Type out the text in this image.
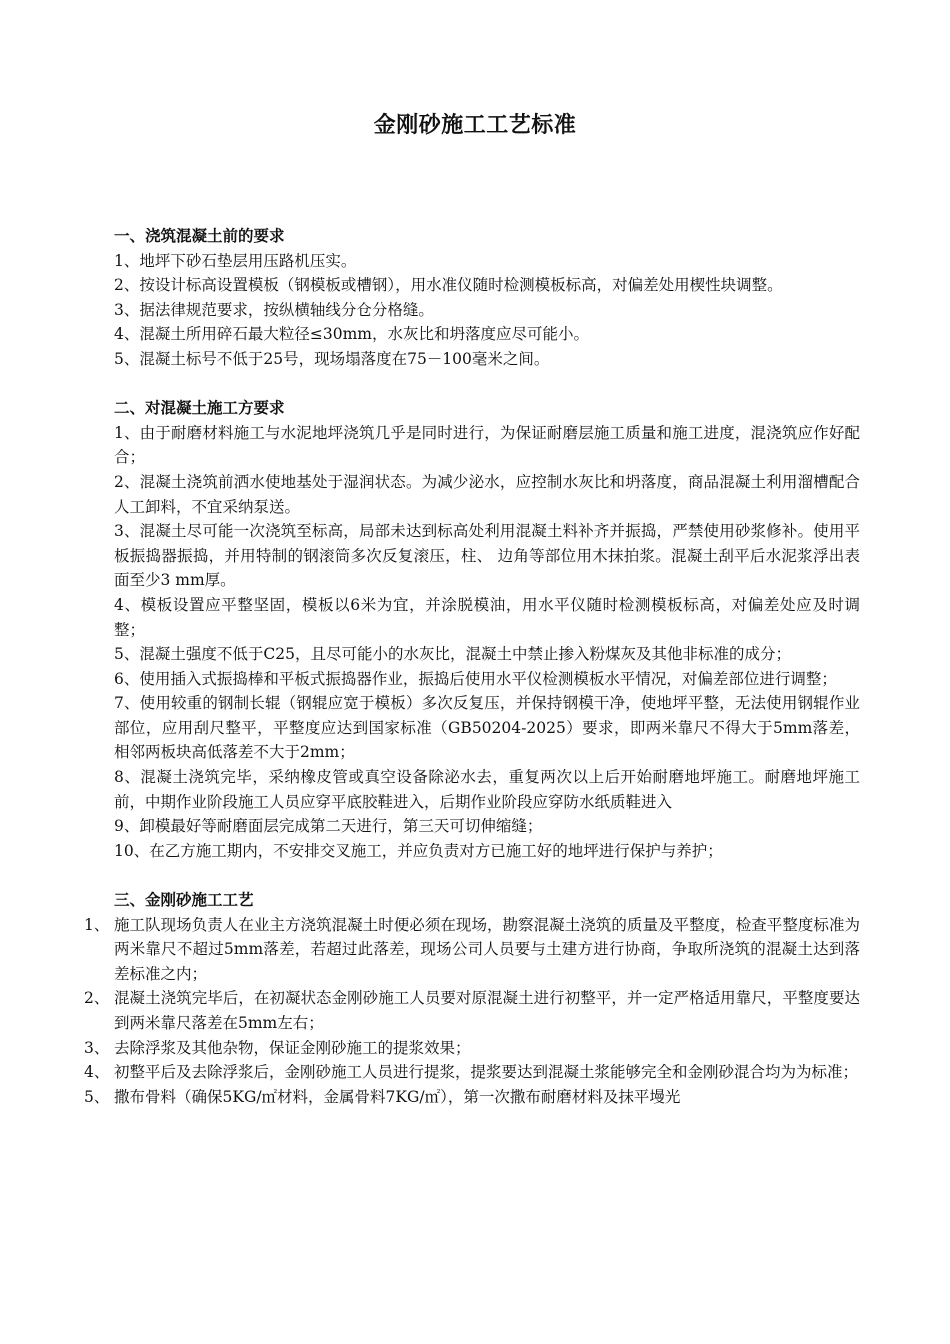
金刚砂施工工艺标准
一、浇筑混凝土前的要求
1、地坪下砂石垫层用压路机压实。
2、按设计标高设置模板（钢模板或槽钢），用水准仪随时检测模板标高，对偏差处用楔性块调整。
3、据法律规范要求，按纵横轴线分仓分格缝。
4、混凝土所用碎石最大粒径≤30mm，水灰比和坍落度应尽可能小。
5、混凝土标号不低于25号，现场塌落度在75－100毫米之间。
二、对混凝土施工方要求
1、由于耐磨材料施工与水泥地坪浇筑几乎是同时进行，为保证耐磨层施工质量和施工进度，混浇筑应作好配合；
2、混凝土浇筑前洒水使地基处于湿润状态。为减少泌水，应控制水灰比和坍落度，商品混凝土利用溜槽配合人工卸料，不宜采纳泵送。
3、混凝土尽可能一次浇筑至标高，局部未达到标高处利用混凝土料补齐并振捣，严禁使用砂浆修补。使用平板振捣器振捣，并用特制的钢滚筒多次反复滚压，柱、 边角等部位用木抹拍浆。混凝土刮平后水泥浆浮出表面至少3 mm厚。
4、模板设置应平整坚固，模板以6米为宜，并涂脱模油，用水平仪随时检测模板标高，对偏差处应及时调整；
5、混凝土强度不低于C25，且尽可能小的水灰比，混凝土中禁止掺入粉煤灰及其他非标准的成分；
6、使用插入式振捣棒和平板式振捣器作业，振捣后使用水平仪检测模板水平情况，对偏差部位进行调整；
7、使用较重的钢制长辊（钢辊应宽于模板）多次反复压，并保持钢模干净，使地坪平整，无法使用钢辊作业部位，应用刮尺整平，平整度应达到国家标准（GB50204-2025）要求，即两米靠尺不得大于5mm落差，相邻两板块高低落差不大于2mm；
8、混凝土浇筑完毕，采纳橡皮管或真空设备除泌水去，重复两次以上后开始耐磨地坪施工。耐磨地坪施工前，中期作业阶段施工人员应穿平底胶鞋进入，后期作业阶段应穿防水纸质鞋进入
9、卸模最好等耐磨面层完成第二天进行，第三天可切伸缩缝；
10、在乙方施工期内，不安排交叉施工，并应负责对方已施工好的地坪进行保护与养护；
三、金刚砂施工工艺
1、 施工队现场负责人在业主方浇筑混凝土时便必须在现场，勘察混凝土浇筑的质量及平整度，检查平整度标准为两米靠尺不超过5mm落差，若超过此落差，现场公司人员要与土建方进行协商，争取所浇筑的混凝土达到落差标准之内；
2、 混凝土浇筑完毕后，在初凝状态金刚砂施工人员要对原混凝土进行初整平，并一定严格适用靠尺，平整度要达到两米靠尺落差在5mm左右；
3、 去除浮浆及其他杂物，保证金刚砂施工的提浆效果；
4、 初整平后及去除浮浆后，金刚砂施工人员进行提浆，提浆要达到混凝土浆能够完全和金刚砂混合均为为标准；
5、 撒布骨料（确保5KG/㎡材料，金属骨料7KG/㎡），第一次撒布耐磨材料及抹平墁光
